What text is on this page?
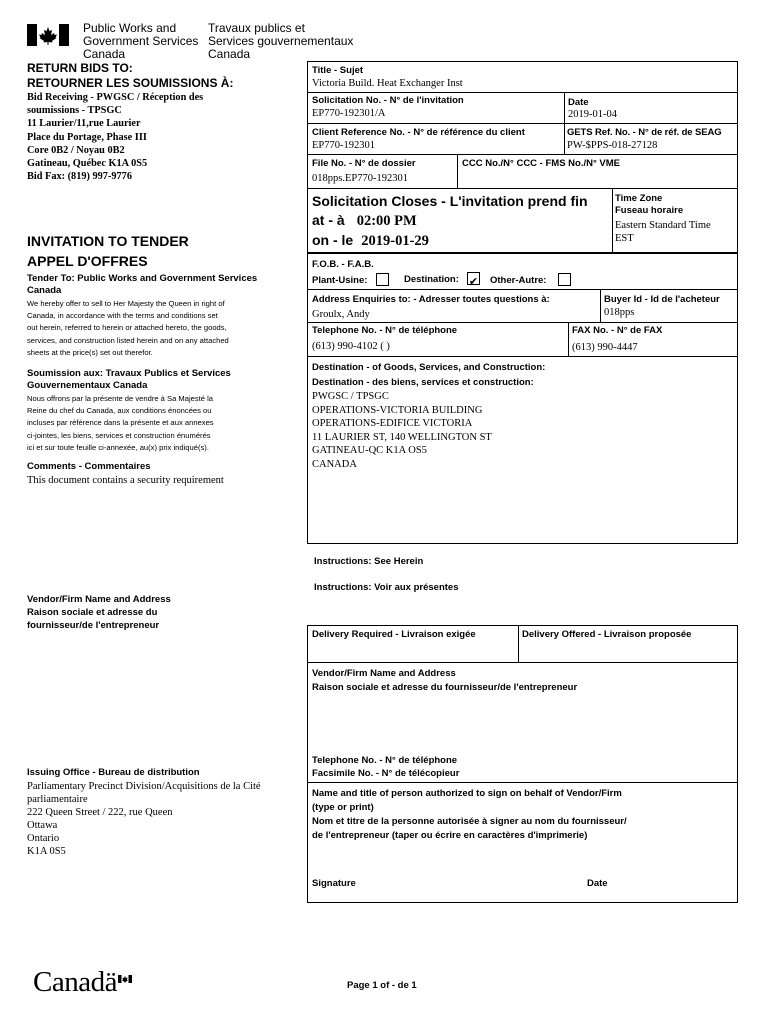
Public Works and
Government Services
Canada
Travaux publics et
Services gouvernementaux
Canada
RETURN BIDS TO:
RETOURNER LES SOUMISSIONS À:
Bid Receiving - PWGSC / Réception des
soumissions - TPSGC
11 Laurier/11,rue Laurier
Place du Portage, Phase III
Core 0B2 / Noyau 0B2
Gatineau, Québec K1A 0S5
Bid Fax: (819) 997-9776
INVITATION TO TENDER
APPEL D'OFFRES
Tender To: Public Works and Government Services
Canada
We hereby offer to sell to Her Majesty the Queen in right of
Canada, in accordance with the terms and conditions set
out herein, referred to herein or attached hereto, the goods,
services, and construction listed herein and on any attached
sheets at the price(s) set out therefor.
Soumission aux: Travaux Publics et Services
Gouvernementaux Canada
Nous offrons par la présente de vendre à Sa Majesté la
Reine du chef du Canada, aux conditions énoncées ou
incluses par référence dans la présente et aux annexes
ci-jointes, les biens, services et construction énumérés
ici et sur toute feuille ci-annexée, au(x) prix indiqué(s).
Comments - Commentaires
This document contains a security requirement
Vendor/Firm Name and Address
Raison sociale et adresse du
fournisseur/de l'entrepreneur
Issuing Office - Bureau de distribution
Parliamentary Precinct Division/Acquisitions de la Cité
parliamentaire
222 Queen Street / 222, rue Queen
Ottawa
Ontario
K1A 0S5
Title - Sujet
Victoria Build. Heat Exchanger Inst
Solicitation No. - N° de l'invitation
EP770-192301/A
Date
2019-01-04
Client Reference No. - N° de référence du client
EP770-192301
GETS Ref. No. - N° de réf. de SEAG
PW-$PPS-018-27128
File No. - N° de dossier
018pps.EP770-192301
CCC No./N° CCC - FMS No./N° VME
Solicitation Closes - L'invitation prend fin
at - à 02:00 PM
on - le 2019-01-29
Time Zone
Fuseau horaire
Eastern Standard Time
EST
F.O.B. - F.A.B.
Plant-Usine:	Destination: ✔ Other-Autre:
Address Enquiries to: - Adresser toutes questions à:
Groulx, Andy
Buyer Id - Id de l'acheteur
018pps
Telephone No. - N° de téléphone
(613) 990-4102 ( )
FAX No. - N° de FAX
(613) 990-4447
Destination - of Goods, Services, and Construction:
Destination - des biens, services et construction:
PWGSC / TPSGC
OPERATIONS-VICTORIA BUILDING
OPERATIONS-EDIFICE VICTORIA
11 LAURIER ST, 140 WELLINGTON ST
GATINEAU-QC K1A OS5
CANADA
Instructions: See Herein
Instructions: Voir aux présentes
Delivery Required - Livraison exigée	Delivery Offered - Livraison proposée
Vendor/Firm Name and Address
Raison sociale et adresse du fournisseur/de l'entrepreneur
Telephone No. - N° de téléphone
Facsimile No. - N° de télécopieur
Name and title of person authorized to sign on behalf of Vendor/Firm
(type or print)
Nom et titre de la personne autorisée à signer au nom du fournisseur/
de l'entrepreneur (taper ou écrire en caractères d'imprimerie)
Signature	Date
Canadä	Page 1 of - de 1
